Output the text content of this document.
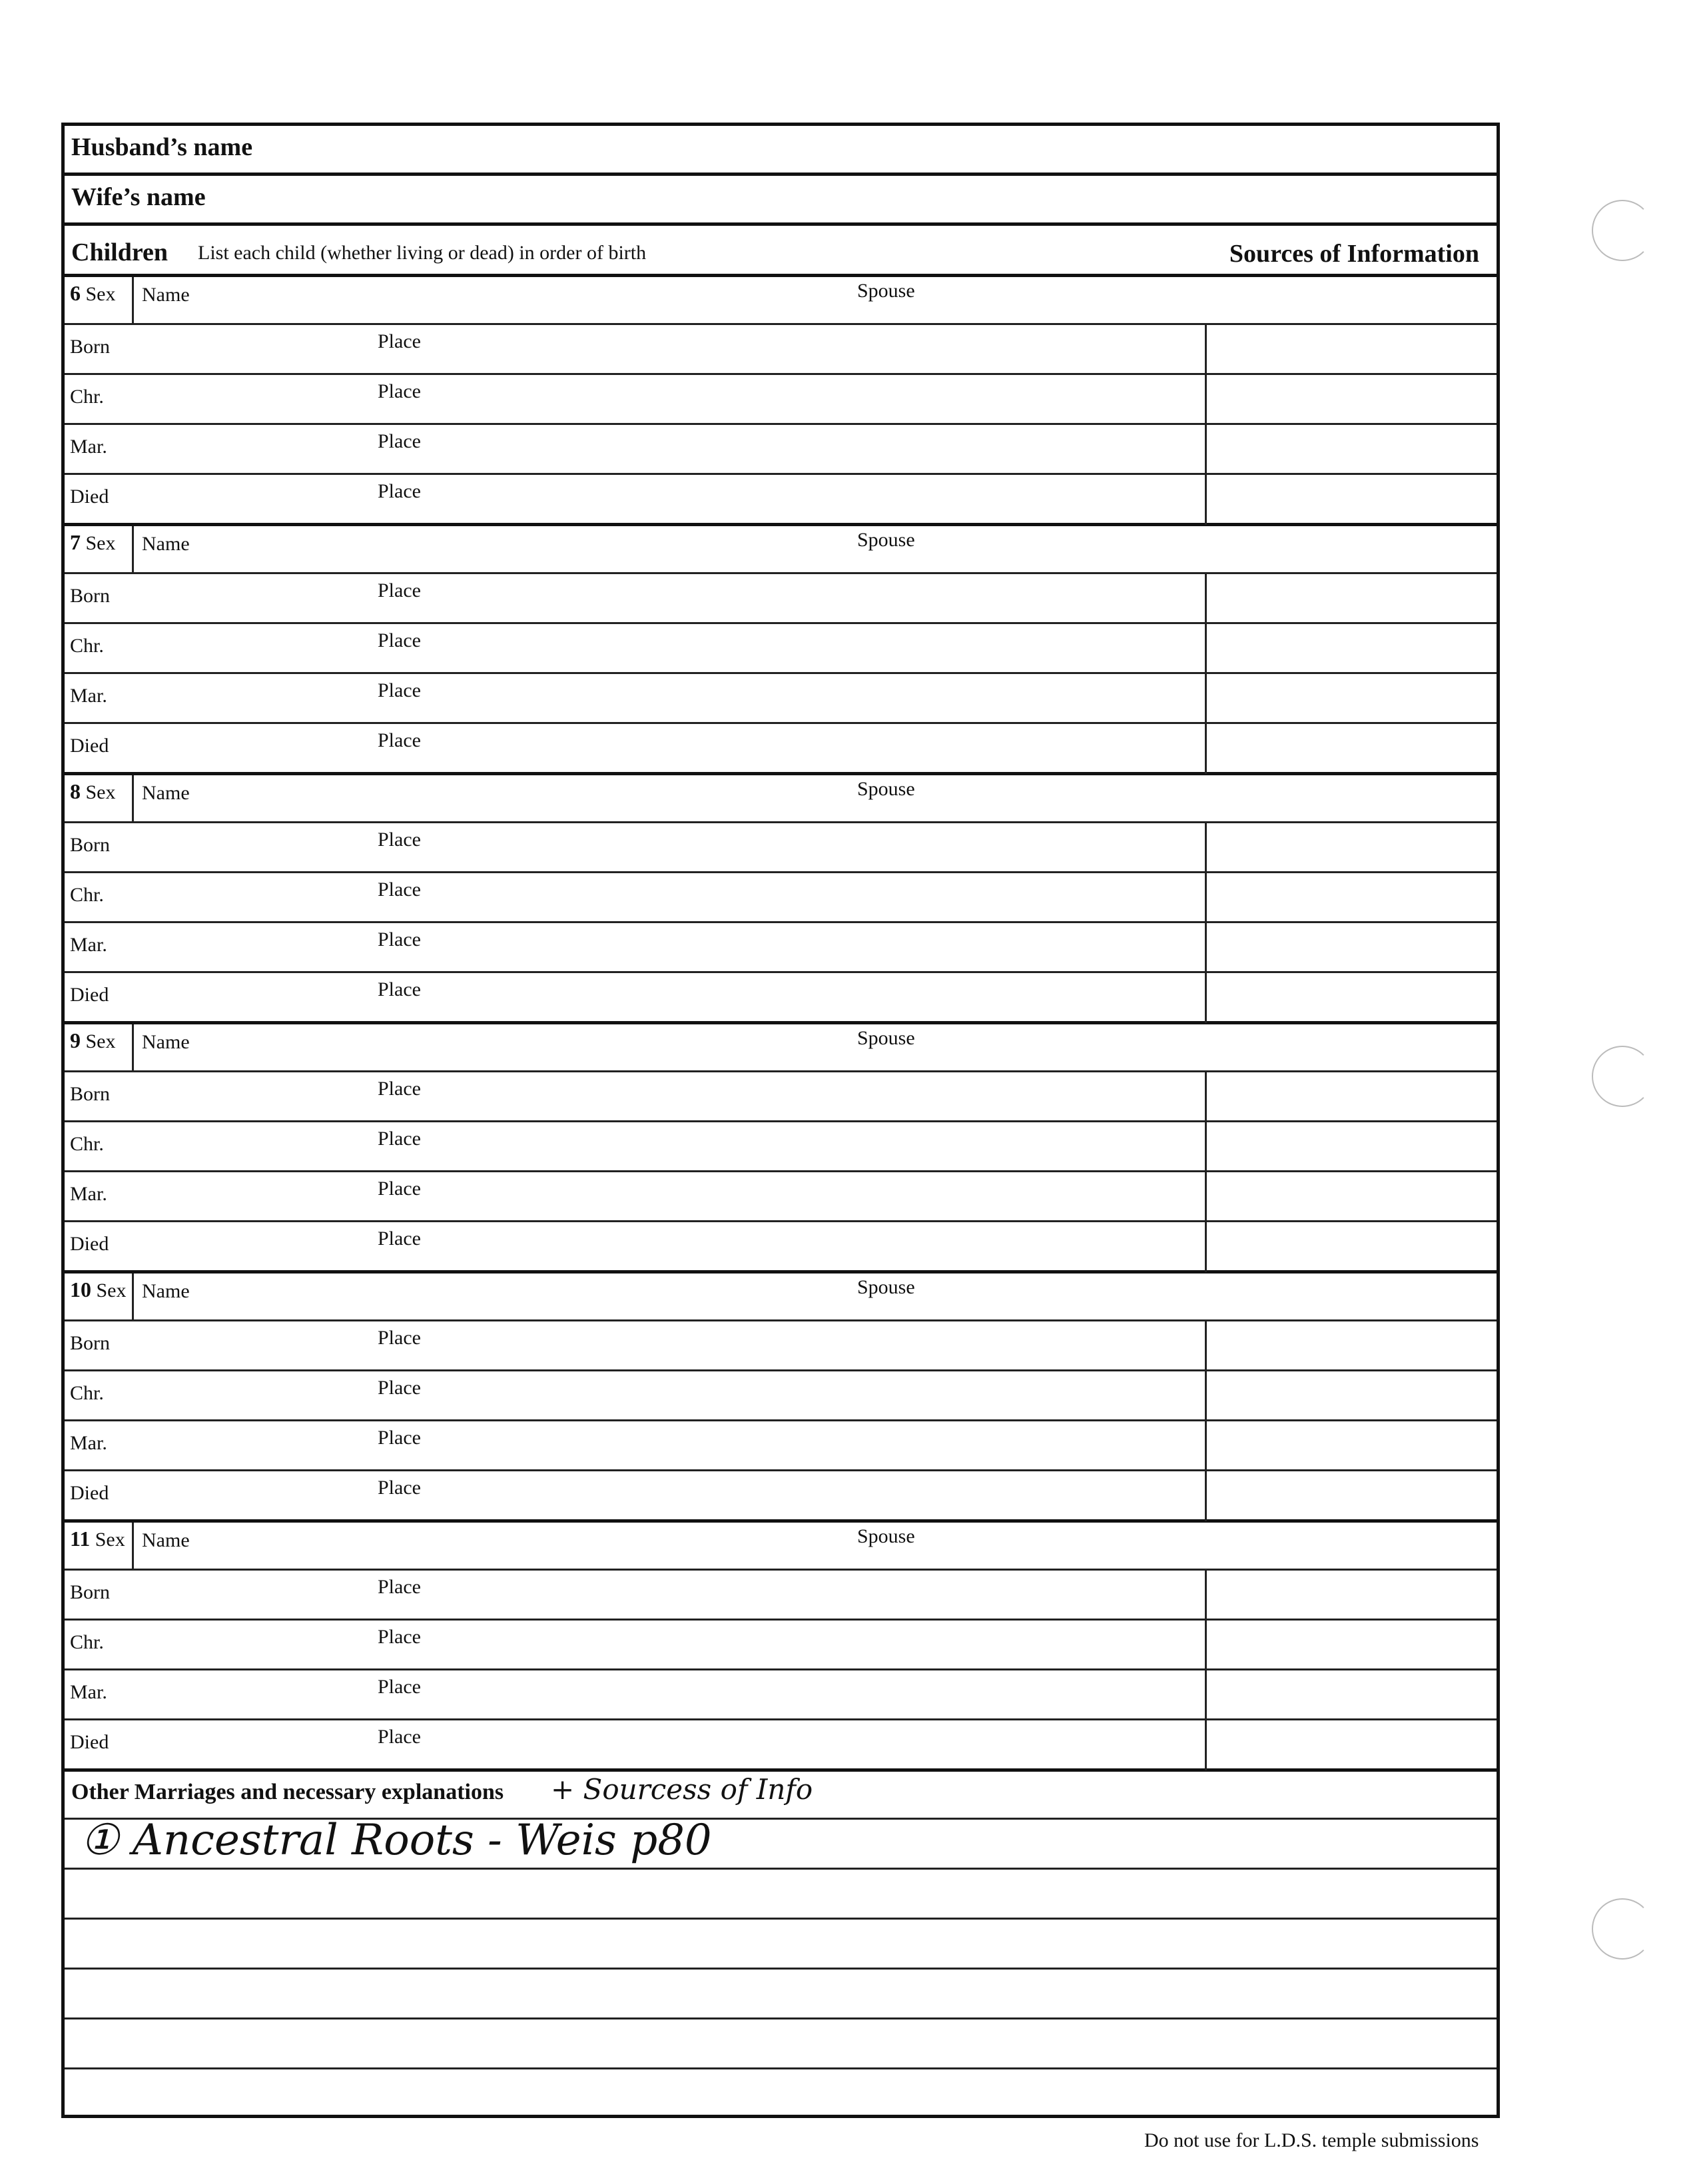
Husband’s name
Wife’s name
Children List each child (whether living or dead) in order of birth	Sources of Information
6 Sex	Name	Spouse
Born	Place
Chr.	Place
Mar.	Place
Died	Place
7 Sex	Name	Spouse
Born	Place
Chr.	Place
Mar.	Place
Died	Place
8 Sex	Name	Spouse
Born	Place
Chr.	Place
Mar.	Place
Died	Place
9 Sex	Name	Spouse
Born	Place
Chr.	Place
Mar.	Place
Died	Place
10 Sex Name	Spouse
Born	Place
Chr.	Place
Mar.	Place
Died	Place
11 Sex Name	Spouse
Born	Place
Chr.	Place
Mar.	Place
Died	Place
Other Marriages and necessary explanations + Sourcess of Info
① Ancestral Roots - Weis p80
Do not use for L.D.S. temple submissions
